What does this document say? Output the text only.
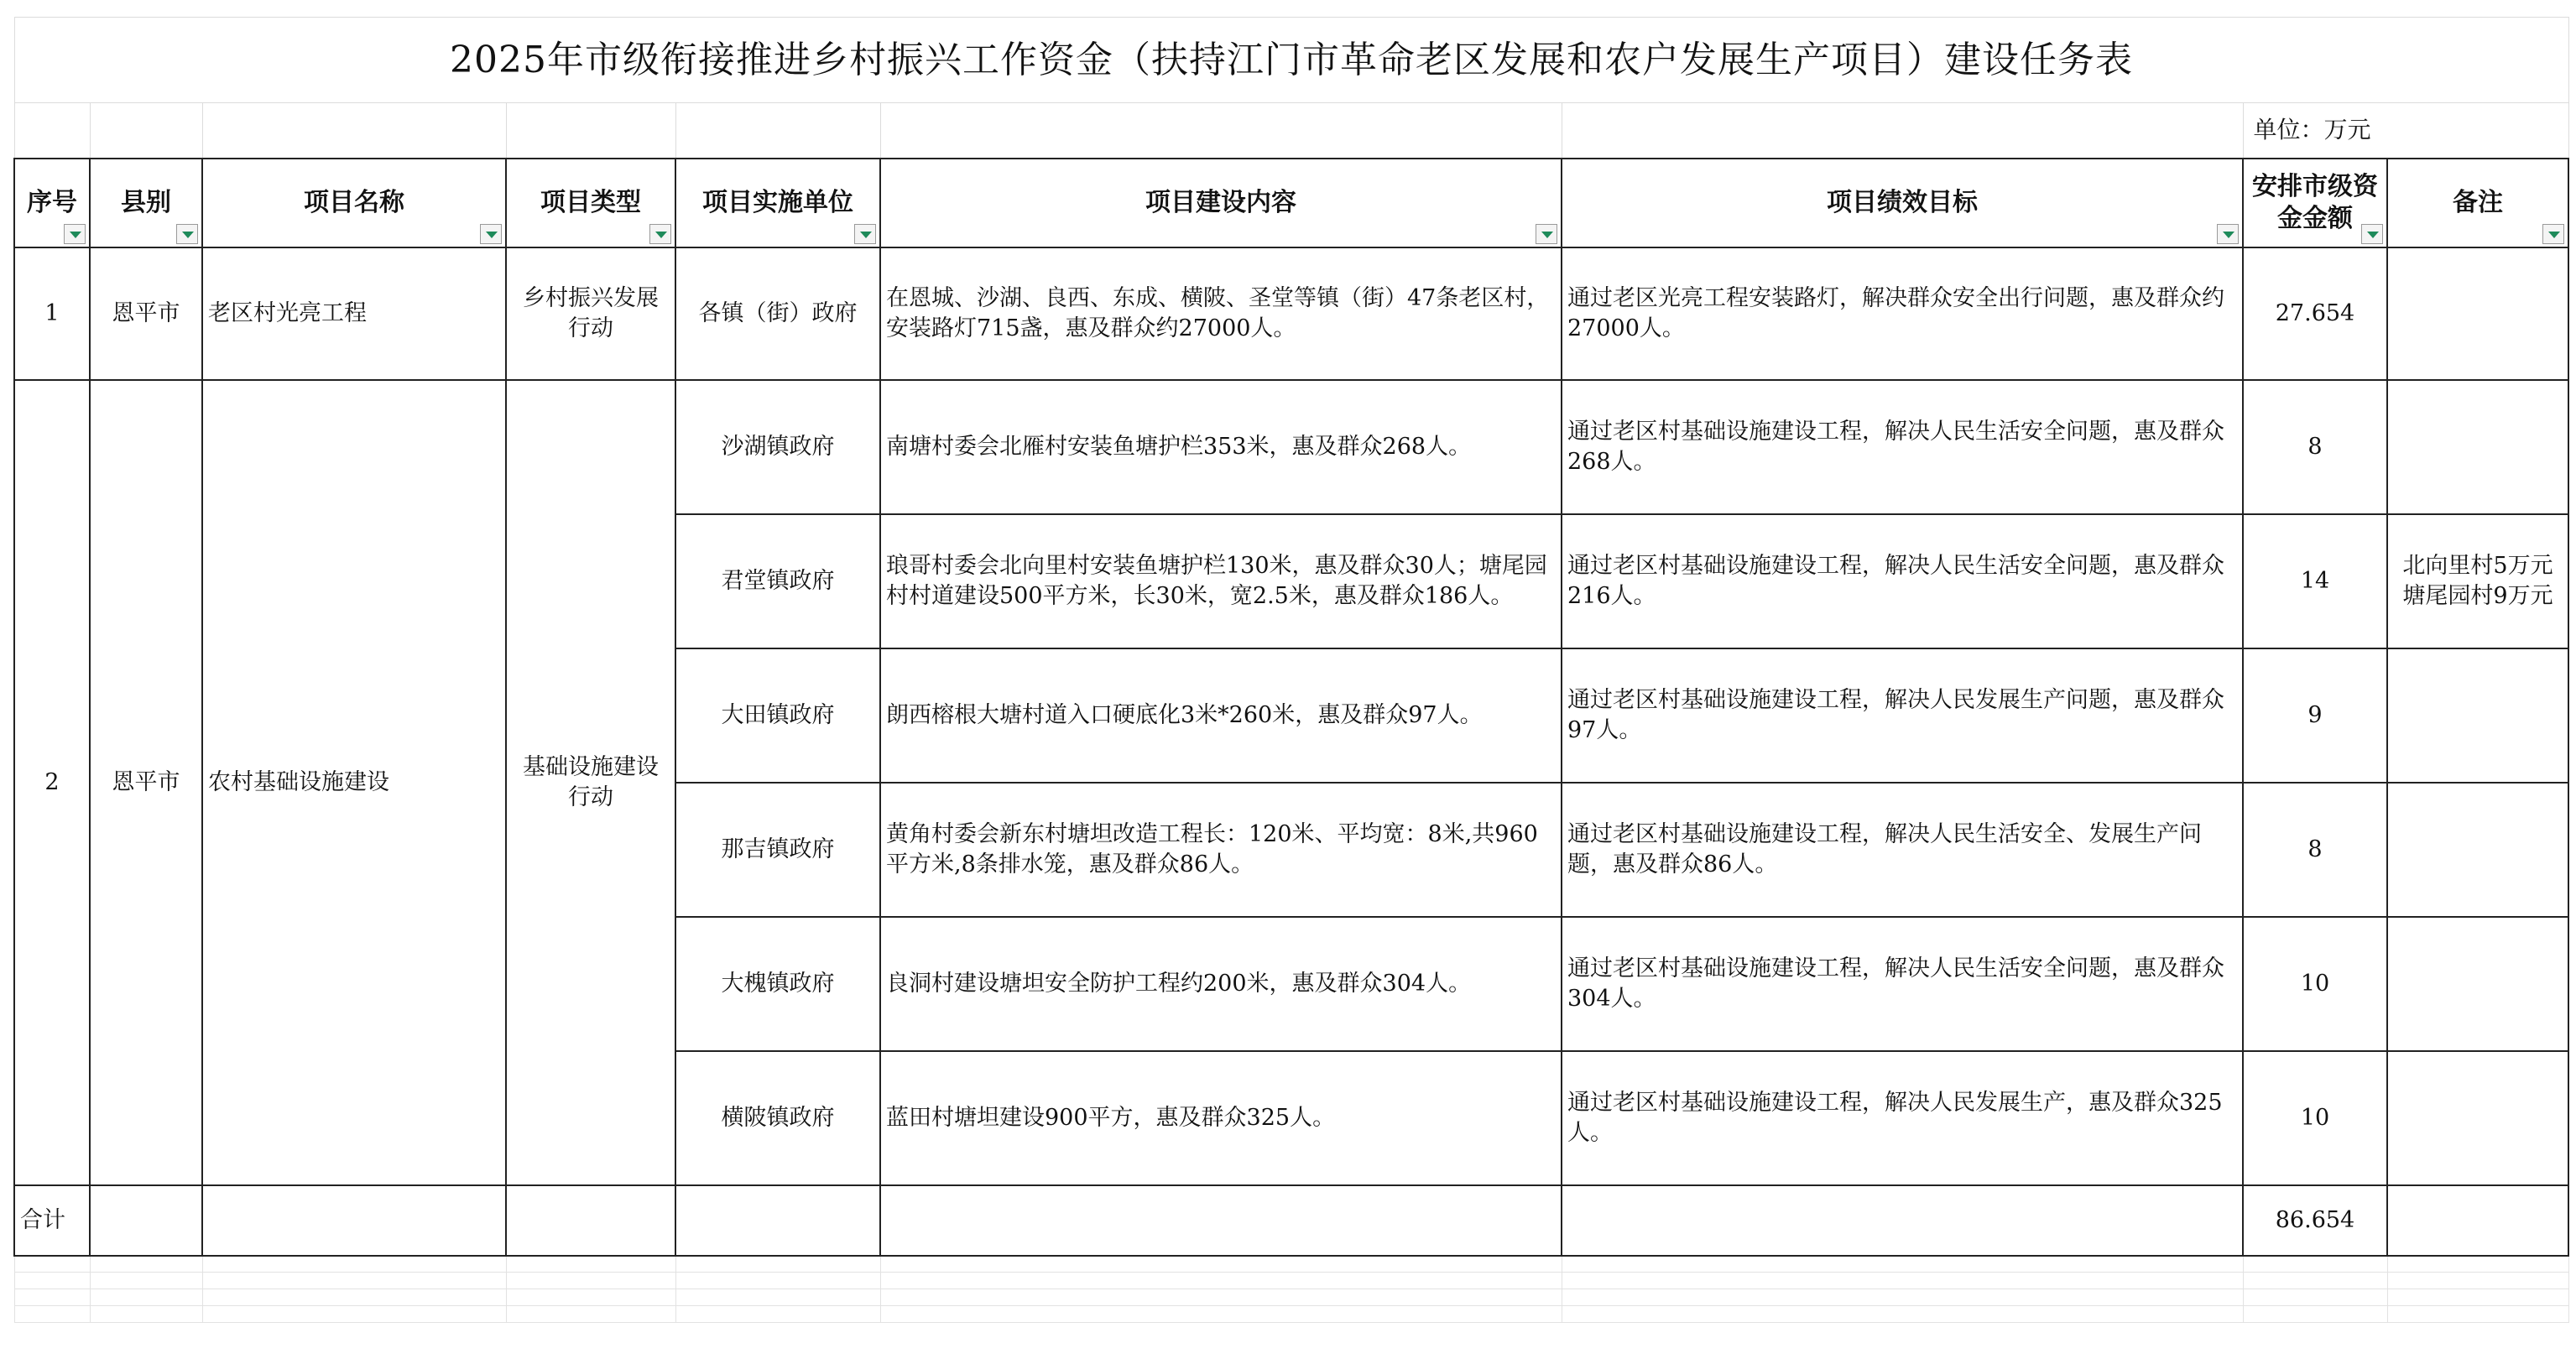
2025年市级衔接推进乡村振兴工作资金（扶持江门市革命老区发展和农户发展生产项目）建设任务表								
							单位：万元	
序号	县别	项目名称	项目类型	项目实施单位	项目建设内容	项目绩效目标	安排市级资金金额	备注

1	恩平市	老区村光亮工程	乡村振兴发展行动	各镇（街）政府	在恩城、沙湖、良西、东成、横陂、圣堂等镇（街）47条老区村，安装路灯715盏，惠及群众约27000人。	通过老区光亮工程安装路灯，解决群众安全出行问题，惠及群众约27000人。	27.654	
2	恩平市	农村基础设施建设	基础设施建设行动	沙湖镇政府	南塘村委会北雁村安装鱼塘护栏353米，惠及群众268人。	通过老区村基础设施建设工程，解决人民生活安全问题，惠及群众268人。	8	
				君堂镇政府	琅哥村委会北向里村安装鱼塘护栏130米，惠及群众30人；塘尾园村村道建设500平方米，长30米，宽2.5米，惠及群众186人。	通过老区村基础设施建设工程，解决人民生活安全问题，惠及群众216人。	14	北向里村5万元塘尾园村9万元
				大田镇政府	朗西榕根大塘村道入口硬底化3米*260米，惠及群众97人。	通过老区村基础设施建设工程，解决人民发展生产问题，惠及群众97人。	9	
				那吉镇政府	黄角村委会新东村塘坦改造工程长：120米、平均宽：8米,共960平方米,8条排水笼，惠及群众86人。	通过老区村基础设施建设工程，解决人民生活安全、发展生产问题，惠及群众86人。	8	
				大槐镇政府	良洞村建设塘坦安全防护工程约200米，惠及群众304人。	通过老区村基础设施建设工程，解决人民生活安全问题，惠及群众304人。	10	
				横陂镇政府	蓝田村塘坦建设900平方，惠及群众325人。	通过老区村基础设施建设工程，解决人民发展生产，惠及群众325人。	10	
合计							86.654	
